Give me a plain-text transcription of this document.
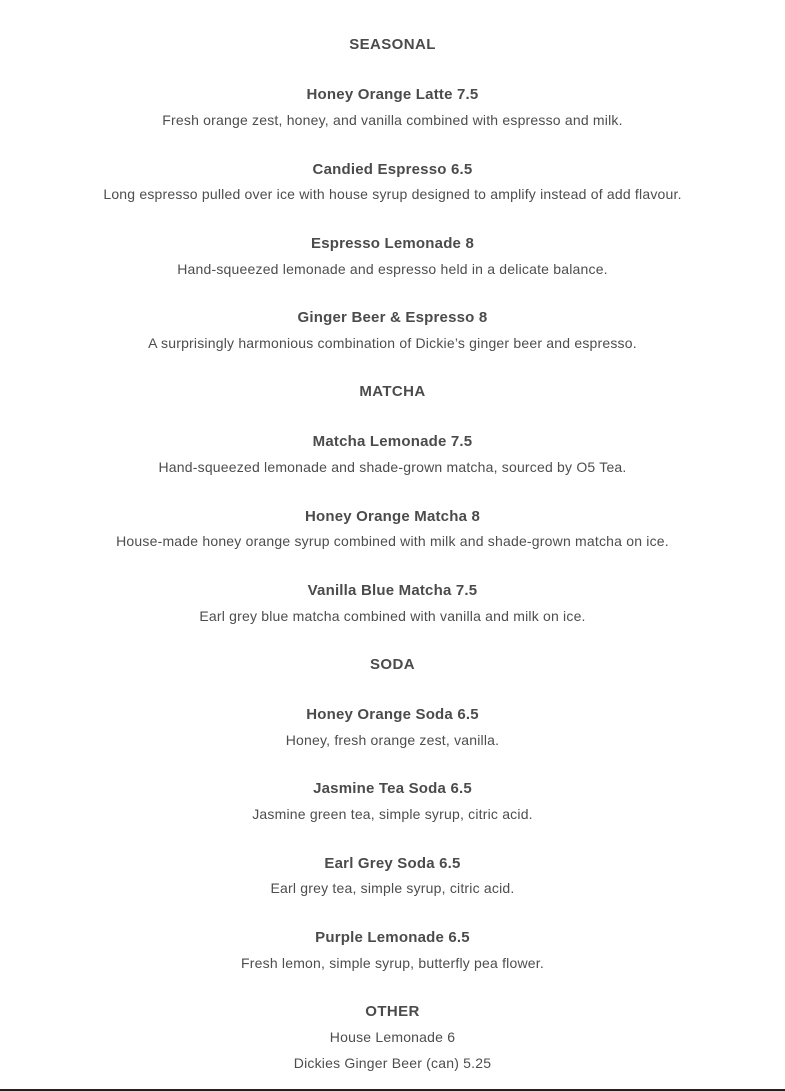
SEASONAL
Honey Orange Latte 7.5
Fresh orange zest, honey, and vanilla combined with espresso and milk.
Candied Espresso 6.5
Long espresso pulled over ice with house syrup designed to amplify instead of add flavour.
Espresso Lemonade 8
Hand-squeezed lemonade and espresso held in a delicate balance.
Ginger Beer & Espresso 8
A surprisingly harmonious combination of Dickie’s ginger beer and espresso.
MATCHA
Matcha Lemonade 7.5
Hand-squeezed lemonade and shade-grown matcha, sourced by O5 Tea.
Honey Orange Matcha 8
House-made honey orange syrup combined with milk and shade-grown matcha on ice.
Vanilla Blue Matcha 7.5
Earl grey blue matcha combined with vanilla and milk on ice.
SODA
Honey Orange Soda 6.5
Honey, fresh orange zest, vanilla.
Jasmine Tea Soda 6.5
Jasmine green tea, simple syrup, citric acid.
Earl Grey Soda 6.5
Earl grey tea, simple syrup, citric acid.
Purple Lemonade 6.5
Fresh lemon, simple syrup, butterfly pea flower.
OTHER
House Lemonade 6
Dickies Ginger Beer (can) 5.25
